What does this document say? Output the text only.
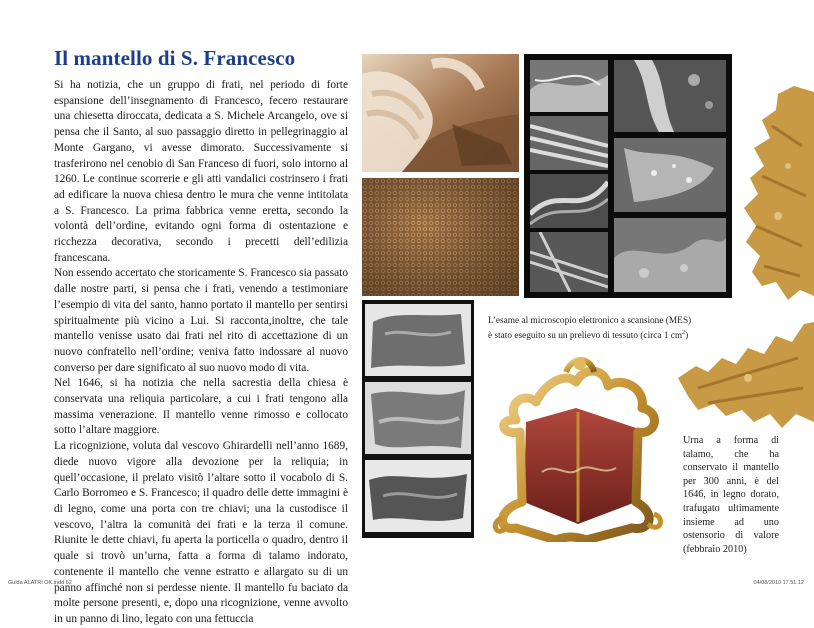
Il mantello di S. Francesco

Si ha notizia, che un gruppo di frati, nel periodo di forte espansione dell’insegnamento di Francesco, fecero restaurare una chiesetta diroccata, dedicata a S. Michele Arcangelo, ove si pensa che il Santo, al suo passaggio diretto in pellegrinaggio al Monte Gargano, vi avesse dimorato. Successivamente si trasferirono nel cenobio di San Franceso di fuori, solo intorno al 1260. Le continue scorrerie e gli atti vandalici costrinsero i frati ad edificare la nuova chiesa dentro le mura che venne intitolata a S. Francesco. La prima fabbrica venne eretta, secondo la volontà dell’ordine, evitando ogni forma di ostentazione e ricchezza decorativa, secondo i precetti dell’edilizia francescana.

Non essendo accertato che storicamente S. Francesco sia passato dalle nostre parti, si pensa che i frati, venendo a testimoniare l’esempio di vita del santo, hanno portato il mantello per sentirsi spiritualmente più vicino a Lui. Si racconta,inoltre, che tale mantello venisse usato dai frati nel rito di accettazione di un nuovo confratello nell’ordine; veniva fatto indossare al nuovo converso per dare significato al suo nuovo modo di vita.

Nel 1646, si ha notizia che nella sacrestia della chiesa è conservata una reliquia particolare, a cui i frati tengono alla massima venerazione. Il mantello venne rimosso e collocato sotto l’altare maggiore.

La ricognizione, voluta dal vescovo Ghirardelli nell’anno 1689, diede nuovo vigore alla devozione per la reliquia; in quell’occasione, il prelato visitò l’altare sotto il vocabolo di S. Carlo Borromeo e S. Francesco; il quadro delle dette immagini è di legno, come una porta con tre chiavi; una la custodisce il vescovo, l’altra la comunità dei frati e la terza il comune. Riunite le dette chiavi, fu aperta la porticella o quadro, dentro il quale si trovò un’urna, fatta a forma di talamo indorato, contenente il mantello che venne estratto e allargato su di un panno affinché non si perdesse niente. Il mantello fu baciato da molte persone presenti, e, dopo una ricognizione, venne avvolto in un panno di lino, legato con una fettuccia

L’esame al microscopio elettronico a scansione (MES)
è stato eseguito su un prelievo di tessuto (circa 1 $cm^2$)
Urna a forma di talamo, che ha conservato il mantello per 300 anni, è del 1646, in legno dorato, trafugato ultimamente insieme ad uno ostensorio di valore (febbraio 2010)
Guida ALATRI OK.indd 62	04/08/2010 17.51.12
